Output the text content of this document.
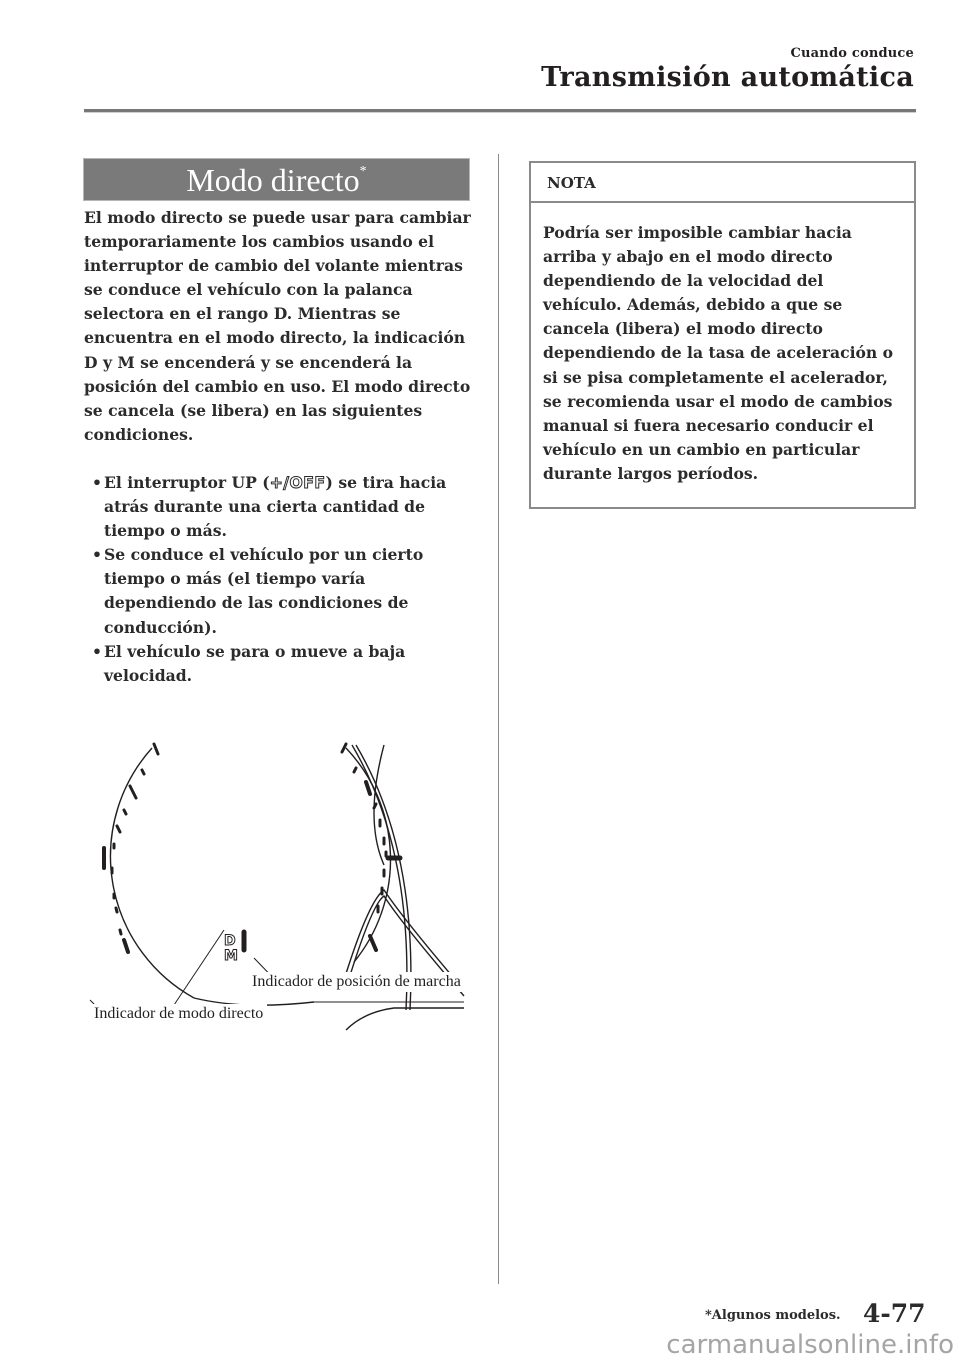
Cuando conduce
Transmisión automática
Modo directo*

El modo directo se puede usar para cambiar temporariamente los cambios usando el interruptor de cambio del volante mientras se conduce el vehículo con la palanca selectora en el rango D. Mientras se encuentra en el modo directo, la indicación D y M se encenderá y se encenderá la posición del cambio en uso. El modo directo se cancela (se libera) en las siguientes condiciones.

• El interruptor UP (+/OFF) se tira hacia atrás durante una cierta cantidad de tiempo o más.
• Se conduce el vehículo por un cierto tiempo o más (el tiempo varía dependiendo de las condiciones de conducción).
• El vehículo se para o mueve a baja velocidad.
D
M
Indicador de posición de marcha
Indicador de modo directo
NOTA
Podría ser imposible cambiar hacia arriba y abajo en el modo directo dependiendo de la velocidad del vehículo. Además, debido a que se cancela (libera) el modo directo dependiendo de la tasa de aceleración o si se pisa completamente el acelerador, se recomienda usar el modo de cambios manual si fuera necesario conducir el vehículo en un cambio en particular durante largos períodos.
*Algunos modelos. 4-77
carmanualsonline.info
